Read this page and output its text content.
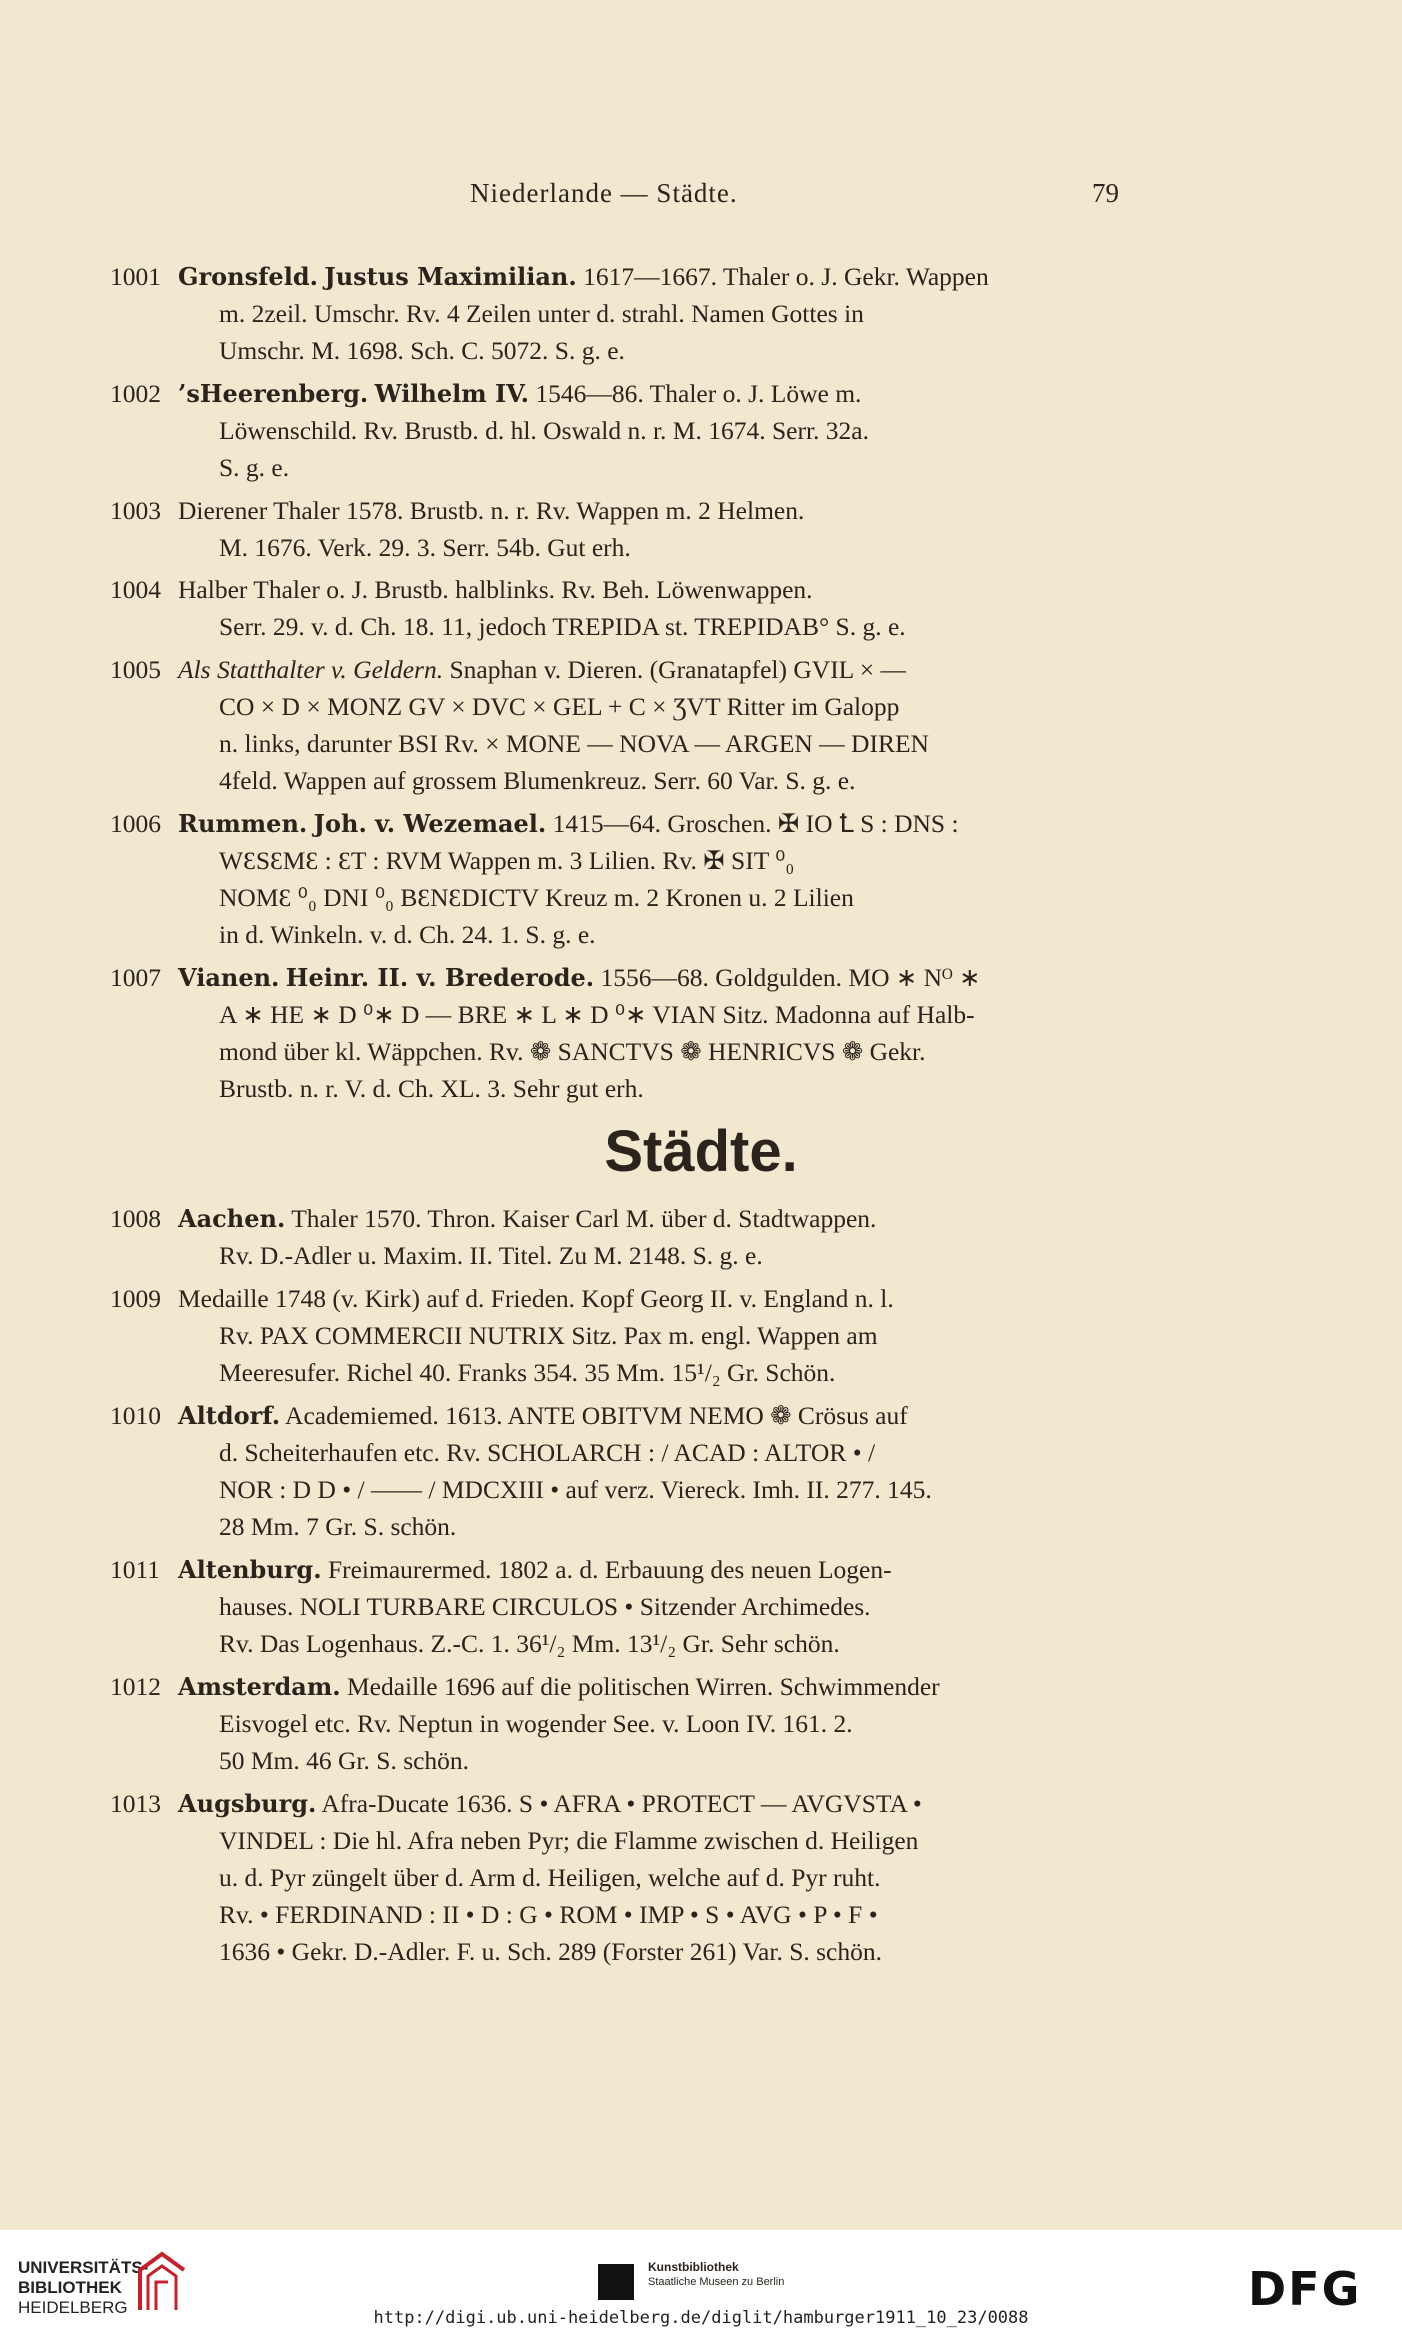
Niederlande — Städte.	79
1001 Gronsfeld. Justus Maximilian. 1617—1667. Thaler o. J. Gekr. Wappen
m. 2zeil. Umschr. Rv. 4 Zeilen unter d. strahl. Namen Gottes in
Umschr. M. 1698. Sch. C. 5072. S. g. e.
1002 ’sHeerenberg. Wilhelm IV. 1546—86. Thaler o. J. Löwe m.
Löwenschild. Rv. Brustb. d. hl. Oswald n. r. M. 1674. Serr. 32a.
S. g. e.
1003 Dierener Thaler 1578. Brustb. n. r. Rv. Wappen m. 2 Helmen.
M. 1676. Verk. 29. 3. Serr. 54b. Gut erh.
1004 Halber Thaler o. J. Brustb. halblinks. Rv. Beh. Löwenwappen.
Serr. 29. v. d. Ch. 18. 11, jedoch TREPIDA st. TREPIDAB° S. g. e.
1005 Als Statthalter v. Geldern. Snaphan v. Dieren. (Granatapfel) GVIL × —
CO × D × MONZ GV × DVC × GEL + C × ƷVT Ritter im Galopp
n. links, darunter BSI Rv. × MONE — NOVA — ARGEN — DIREN
4feld. Wappen auf grossem Blumenkreuz. Serr. 60 Var. S. g. e.
1006 Rummen. Joh. v. Wezemael. 1415—64. Groschen. ✠ IO Ꝉ S : DNS :
WƐSƐMƐ : ƐT : RVM Wappen m. 3 Lilien. Rv. ✠ SIT ⁰₀
NOMƐ ⁰₀ DNI ⁰₀ BƐNƐDICTV Kreuz m. 2 Kronen u. 2 Lilien
in d. Winkeln. v. d. Ch. 24. 1. S. g. e.
1007 Vianen. Heinr. II. v. Brederode. 1556—68. Goldgulden. MO ∗ Nᴼ ∗
A ∗ HE ∗ D ⁰∗ D — BRE ∗ L ∗ D ⁰∗ VIAN Sitz. Madonna auf Halb-
mond über kl. Wäppchen. Rv. ❁ SANCTVS ❁ HENRICVS ❁ Gekr.
Brustb. n. r. V. d. Ch. XL. 3. Sehr gut erh.
Städte.
1008 Aachen. Thaler 1570. Thron. Kaiser Carl M. über d. Stadtwappen.
Rv. D.-Adler u. Maxim. II. Titel. Zu M. 2148. S. g. e.
1009 Medaille 1748 (v. Kirk) auf d. Frieden. Kopf Georg II. v. England n. l.
Rv. PAX COMMERCII NUTRIX Sitz. Pax m. engl. Wappen am
Meeresufer. Richel 40. Franks 354. 35 Mm. 15¹/₂ Gr. Schön.
1010 Altdorf. Academiemed. 1613. ANTE OBITVM NEMO ❁ Crösus auf
d. Scheiterhaufen etc. Rv. SCHOLARCH : / ACAD : ALTOR • /
NOR : D D • / —— / MDCXIII • auf verz. Viereck. Imh. II. 277. 145.
28 Mm. 7 Gr. S. schön.
1011 Altenburg. Freimaurermed. 1802 a. d. Erbauung des neuen Logen-
hauses. NOLI TURBARE CIRCULOS • Sitzender Archimedes.
Rv. Das Logenhaus. Z.-C. 1. 36¹/₂ Mm. 13¹/₂ Gr. Sehr schön.
1012 Amsterdam. Medaille 1696 auf die politischen Wirren. Schwimmender
Eisvogel etc. Rv. Neptun in wogender See. v. Loon IV. 161. 2.
50 Mm. 46 Gr. S. schön.
1013 Augsburg. Afra-Ducate 1636. S • AFRA • PROTECT — AVGVSTA •
VINDEL : Die hl. Afra neben Pyr; die Flamme zwischen d. Heiligen
u. d. Pyr züngelt über d. Arm d. Heiligen, welche auf d. Pyr ruht.
Rv. • FERDINAND : II • D : G • ROM • IMP • S • AVG • P • F •
1636 • Gekr. D.-Adler. F. u. Sch. 289 (Forster 261) Var. S. schön.
UNIVERSITÄTS-
BIBLIOTHEK
HEIDELBERG
Kunstbibliothek
Staatliche Museen zu Berlin	DFG
http://digi.ub.uni-heidelberg.de/diglit/hamburger1911_10_23/0088
